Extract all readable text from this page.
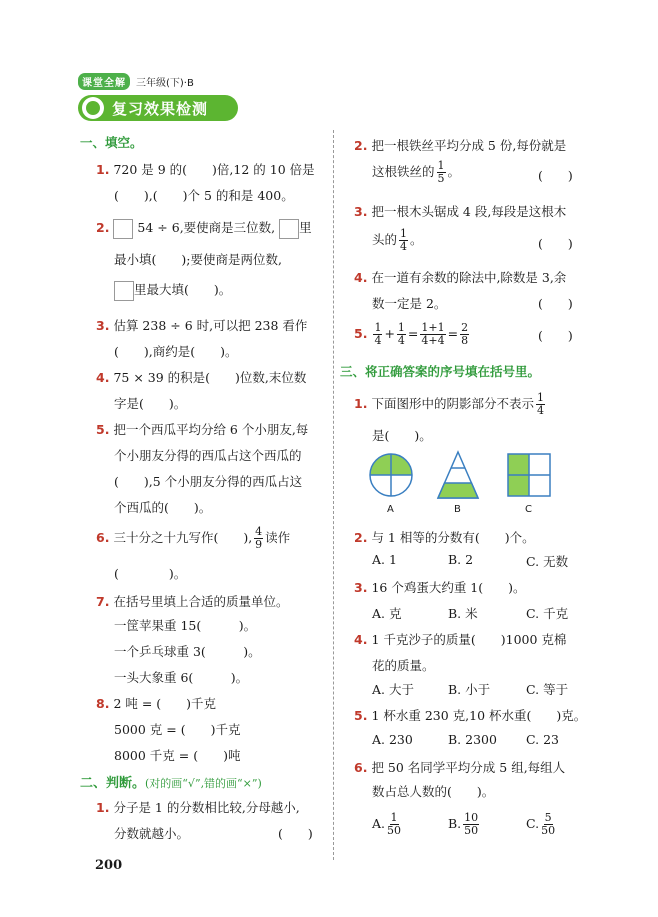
课堂全解	三年级(下)·B
复习效果检测
一、填空。
1. 720 是 9 的(　　)倍,12 的 10 倍是
(　　),(　　)个 5 的和是 400。
2. 54 ÷ 6,要使商是三位数, 里
最小填(　　);要使商是两位数,
里最大填(　　)。
3. 估算 238 ÷ 6 时,可以把 238 看作
(　　),商约是(　　)。
4. 75 × 39 的积是(　　)位数,末位数
字是(　　)。
5. 把一个西瓜平均分给 6 个小朋友,每
个小朋友分得的西瓜占这个西瓜的
(　　),5 个小朋友分得的西瓜占这
个西瓜的(　　)。
6. 三十分之十九写作(　　), $\frac{4}{9}$ 读作
(　　　　)。
7. 在括号里填上合适的质量单位。
一筐苹果重 15(　　　)。
一个乒乓球重 3(　　　)。
一头大象重 6(　　　)。
8. 2 吨 = (　　)千克
5000 克 = (　　)千克
8000 千克 = (　　)吨
二、判断。(对的画“√”,错的画“×”)
1. 分子是 1 的分数相比较,分母越小,
分数就越小。	(　　)
200
2. 把一根铁丝平均分成 5 份,每份就是
这根铁丝的 $\frac{1}{5}$ 。	(　　)
3. 把一根木头锯成 4 段,每段是这根木
头的 $\frac{1}{4}$ 。	(　　)
4. 在一道有余数的除法中,除数是 3,余
数一定是 2。	(　　)
5. $\frac{1}{4} + \frac{1}{4} = \frac{1+1}{4+4} = \frac{2}{8}$	(　　)
三、将正确答案的序号填在括号里。
1. 下面图形中的阴影部分不表示 $\frac{1}{4}$
是(　　)。
A	B	C
2. 与 1 相等的分数有(　　)个。
A. 1	B. 2	C. 无数
3. 16 个鸡蛋大约重 1(　　)。
A. 克	B. 米	C. 千克
4. 1 千克沙子的质量(　　)1000 克棉
花的质量。
A. 大于	B. 小于	C. 等于
5. 1 杯水重 230 克,10 杯水重(　　)克。
A. 230	B. 2300 C. 23
6. 把 50 名同学平均分成 5 组,每组人
数占总人数的(　　)。
A. $\frac{1}{50}$	B. $\frac{10}{50}$	C. $\frac{5}{50}$
